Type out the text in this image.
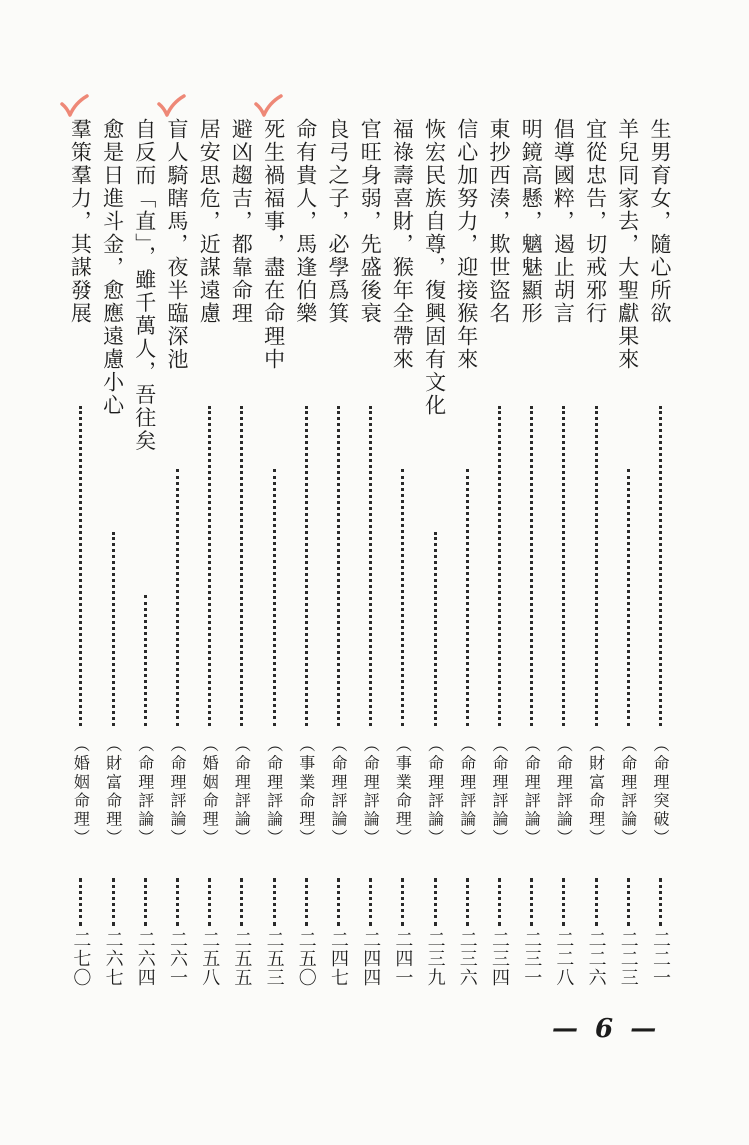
生男育女，隨心所欲
（命理突破）
二二一
羊兒同家去，大聖獻果來
（命理評論）
二二三
宜從忠告，切戒邪行
（財富命理）
二二六
倡導國粹，遏止胡言
（命理評論）
二二八
明鏡高懸，魑魅顯形
（命理評論）
二三一
東抄西湊，欺世盜名
（命理評論）
二三四
信心加努力，迎接猴年來
（命理評論）
二三六
恢宏民族自尊，復興固有文化
（命理評論）
二三九
福祿壽喜財，猴年全帶來
（事業命理）
二四一
官旺身弱，先盛後衰
（命理評論）
二四四
良弓之子，必學爲箕
（命理評論）
二四七
命有貴人，馬逢伯樂
（事業命理）
二五〇
死生禍福事，盡在命理中
（命理評論）
二五三
避凶趨吉，都靠命理
（命理評論）
二五五
居安思危，近謀遠慮
（婚姻命理）
二五八
盲人騎瞎馬，夜半臨深池
（命理評論）
二六一
自反而「直」，雖千萬人，吾往矣
（命理評論）
二六四
愈是日進斗金，愈應遠慮小心
（財富命理）
二六七
羣策羣力，其謀發展
（婚姻命理）
二七〇
— 6 —
